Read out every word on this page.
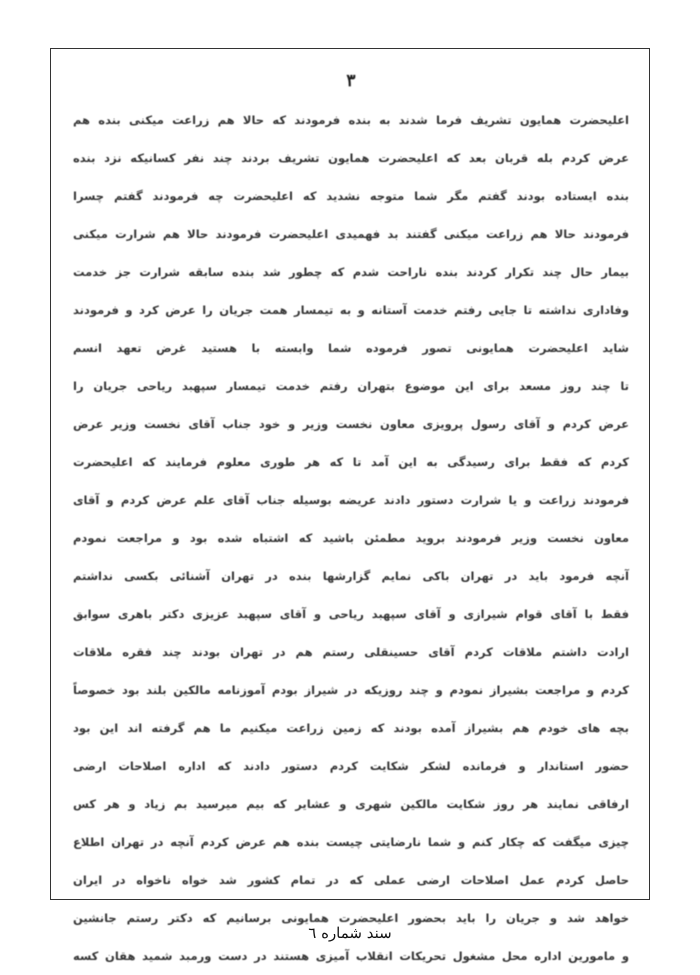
۳
اعلیحضرت همایون تشریف فرما شدند به بنده فرمودند که حالا هم زراعت میکنی بنده هم
عرض کردم بله قربان بعد که اعلیحضرت همایون تشریف بردند چند نفر کسانیکه نزد بنده
بنده ایستاده بودند گفتم مگر شما متوجه نشدید که اعلیحضرت چه فرمودند گفتم چسرا
فرمودند حالا هم زراعت میکنی گفتند بد فهمیدی اعلیحضرت فرمودند حالا هم شرارت میکنی
بیمار حال چند تکرار کردند بنده ناراحت شدم که چطور شد بنده سابقه شرارت جز خدمت
وفاداری نداشته تا جایی رفتم خدمت آستانه و به تیمسار همت جریان را عرض کرد و فرمودند
شاید اعلیحضرت همایونی تصور فرموده شما وابسته با هستید غرض تعهد انسم
تا چند روز مسعد برای این موضوع بتهران رفتم خدمت تیمسار سپهبد ریاحی جریان را
عرض کردم و آقای رسول پرویزی معاون نخست وزیر و خود جناب آقای نخست وزیر عرض
کردم که فقط برای رسیدگی به این آمد تا که هر طوری معلوم فرمایند که اعلیحضرت
فرمودند زراعت و یا شرارت دستور دادند عریضه بوسیله جناب آقای علم عرض کردم و آقای
معاون نخست وزیر فرمودند بروید مطمئن باشید که اشتباه شده بود و مراجعت نمودم
آنچه فرمود باید در تهران باکی نمایم گزارشها بنده در تهران آشنائی بکسی نداشتم
فقط با آقای قوام شیرازی و آقای سپهبد ریاحی و آقای سپهبد عزیزی دکتر باهری سوابق
ارادت داشتم ملاقات کردم آقای حسینقلی رستم هم در تهران بودند چند فقره ملاقات
کردم و مراجعت بشیراز نمودم و چند روزیکه در شیراز بودم آموزنامه مالکین بلند بود خصوصاً
بچه های خودم هم بشیراز آمده بودند که زمین زراعت میکنیم ما هم گرفته اند این بود
حضور استاندار و فرمانده لشکر شکایت کردم دستور دادند که اداره اصلاحات ارضی
ارفاقی نمایند هر روز شکایت مالکین شهری و عشایر که بیم میرسید بم زیاد و هر کس
چیزی میگفت که چکار کنم و شما نارضایتی چیست بنده هم عرض کردم آنچه در تهران اطلاع
حاصل کردم عمل اصلاحات ارضی عملی که در تمام کشور شد خواه ناخواه در ایران
خواهد شد و جریان را باید بحضور اعلیحضرت همایونی برسانیم که دکتر رستم جانشین
و مامورین اداره محل مشغول تحریکات انقلاب آمیزی هستند در دست ورمبد شمید هقان کسه
سند شماره ٦
